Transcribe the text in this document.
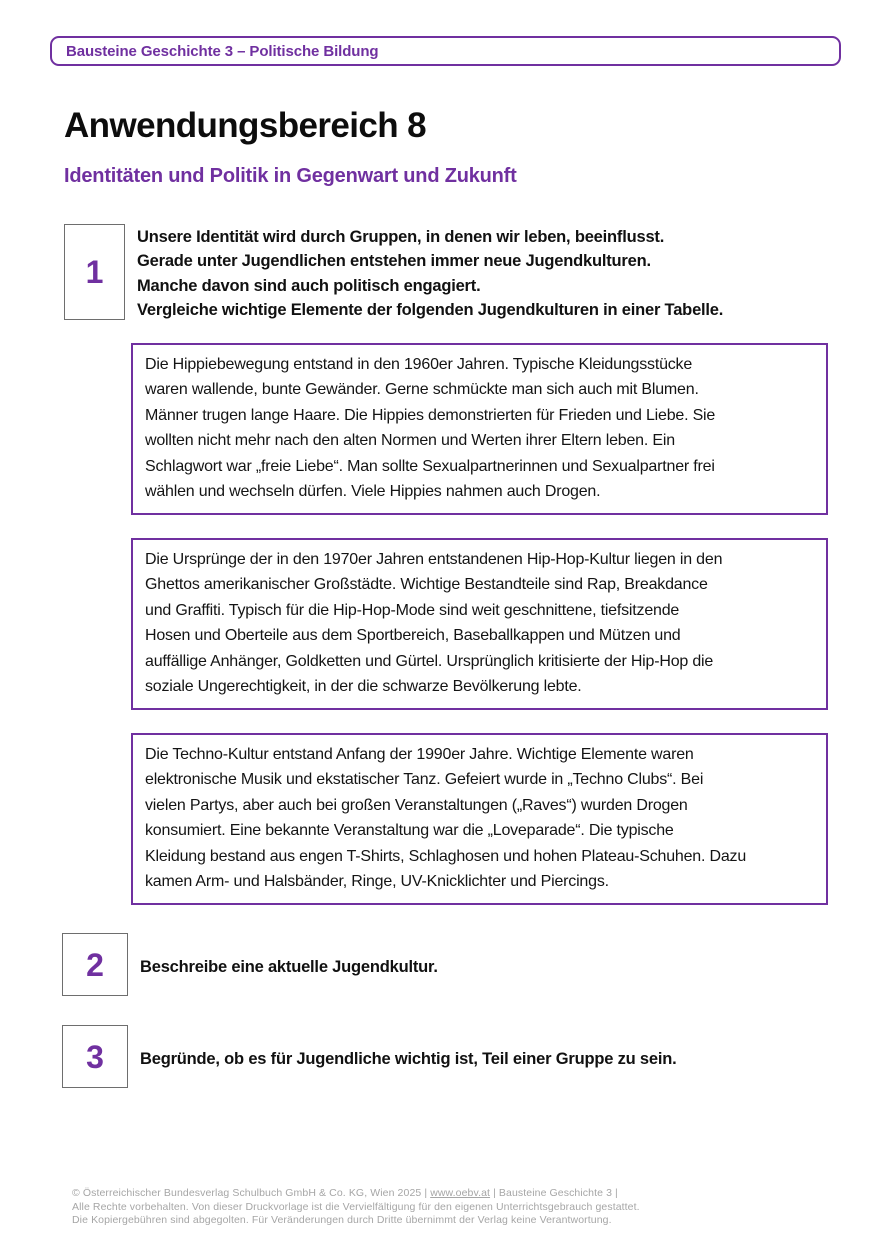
Bausteine Geschichte 3 – Politische Bildung
Anwendungsbereich 8
Identitäten und Politik in Gegenwart und Zukunft
1
Unsere Identität wird durch Gruppen, in denen wir leben, beeinflusst.
Gerade unter Jugendlichen entstehen immer neue Jugendkulturen.
Manche davon sind auch politisch engagiert.
Vergleiche wichtige Elemente der folgenden Jugendkulturen in einer Tabelle.
Die Hippiebewegung entstand in den 1960er Jahren. Typische Kleidungsstücke
waren wallende, bunte Gewänder. Gerne schmückte man sich auch mit Blumen.
Männer trugen lange Haare. Die Hippies demonstrierten für Frieden und Liebe. Sie
wollten nicht mehr nach den alten Normen und Werten ihrer Eltern leben. Ein
Schlagwort war „freie Liebe“. Man sollte Sexualpartnerinnen und Sexualpartner frei
wählen und wechseln dürfen. Viele Hippies nahmen auch Drogen.
Die Ursprünge der in den 1970er Jahren entstandenen Hip-Hop-Kultur liegen in den
Ghettos amerikanischer Großstädte. Wichtige Bestandteile sind Rap, Breakdance
und Graffiti. Typisch für die Hip-Hop-Mode sind weit geschnittene, tiefsitzende
Hosen und Oberteile aus dem Sportbereich, Baseballkappen und Mützen und
auffällige Anhänger, Goldketten und Gürtel. Ursprünglich kritisierte der Hip-Hop die
soziale Ungerechtigkeit, in der die schwarze Bevölkerung lebte.
Die Techno-Kultur entstand Anfang der 1990er Jahre. Wichtige Elemente waren
elektronische Musik und ekstatischer Tanz. Gefeiert wurde in „Techno Clubs“. Bei
vielen Partys, aber auch bei großen Veranstaltungen („Raves“) wurden Drogen
konsumiert. Eine bekannte Veranstaltung war die „Loveparade“. Die typische
Kleidung bestand aus engen T-Shirts, Schlaghosen und hohen Plateau-Schuhen. Dazu
kamen Arm- und Halsbänder, Ringe, UV-Knicklichter und Piercings.
2 Beschreibe eine aktuelle Jugendkultur.
3 Begründe, ob es für Jugendliche wichtig ist, Teil einer Gruppe zu sein.
© Österreichischer Bundesverlag Schulbuch GmbH & Co. KG, Wien 2025 | www.oebv.at | Bausteine Geschichte 3 |
Alle Rechte vorbehalten. Von dieser Druckvorlage ist die Vervielfältigung für den eigenen Unterrichtsgebrauch gestattet.
Die Kopiergebühren sind abgegolten. Für Veränderungen durch Dritte übernimmt der Verlag keine Verantwortung.
